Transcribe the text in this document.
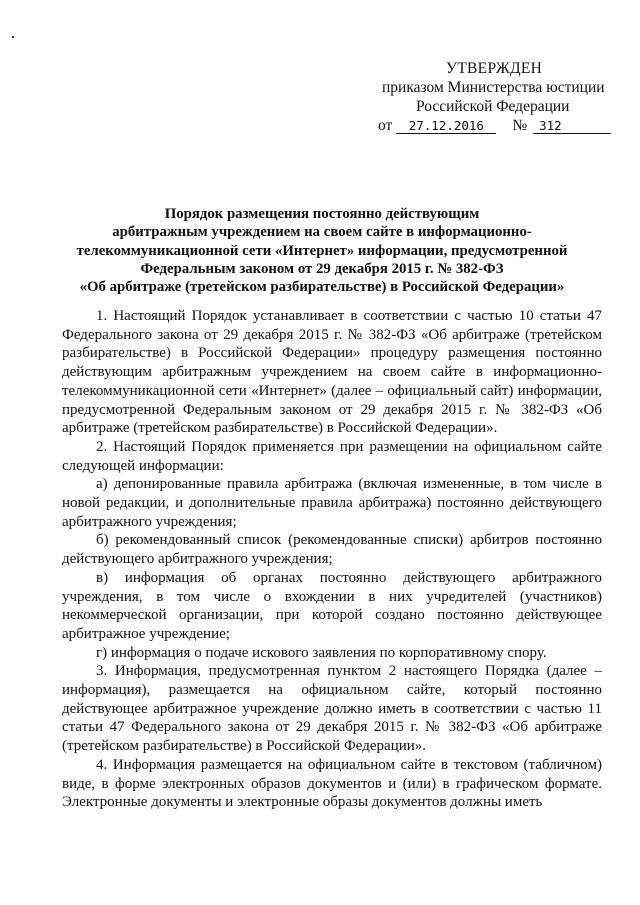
УТВЕРЖДЕН
приказом Министерства юстиции
Российской Федерации
от 27.12.2016 № 312
Порядок размещения постоянно действующим
арбитражным учреждением на своем сайте в информационно-
телекоммуникационной сети «Интернет» информации, предусмотренной
Федеральным законом от 29 декабря 2015 г. № 382-ФЗ
«Об арбитраже (третейском разбирательстве) в Российской Федерации»

1. Настоящий Порядок устанавливает в соответствии с частью 10 статьи 47 Федерального закона от 29 декабря 2015 г. № 382-ФЗ «Об арбитраже (третейском разбирательстве) в Российской Федерации» процедуру размещения постоянно действующим арбитражным учреждением на своем сайте в информационно-телекоммуникационной сети «Интернет» (далее – официальный сайт) информации, предусмотренной Федеральным законом от 29 декабря 2015 г. № 382-ФЗ «Об арбитраже (третейском разбирательстве) в Российской Федерации».

2. Настоящий Порядок применяется при размещении на официальном сайте следующей информации:

а) депонированные правила арбитража (включая измененные, в том числе в новой редакции, и дополнительные правила арбитража) постоянно действующего арбитражного учреждения;

б) рекомендованный список (рекомендованные списки) арбитров постоянно действующего арбитражного учреждения;

в) информация об органах постоянно действующего арбитражного учреждения, в том числе о вхождении в них учредителей (участников) некоммерческой организации, при которой создано постоянно действующее арбитражное учреждение;

г) информация о подаче искового заявления по корпоративному спору.

3. Информация, предусмотренная пунктом 2 настоящего Порядка (далее – информация), размещается на официальном сайте, который постоянно действующее арбитражное учреждение должно иметь в соответствии с частью 11 статьи 47 Федерального закона от 29 декабря 2015 г. № 382-ФЗ «Об арбитраже (третейском разбирательстве) в Российской Федерации».

4. Информация размещается на официальном сайте в текстовом (табличном) виде, в форме электронных образов документов и (или) в графическом формате. Электронные документы и электронные образы документов должны иметь
